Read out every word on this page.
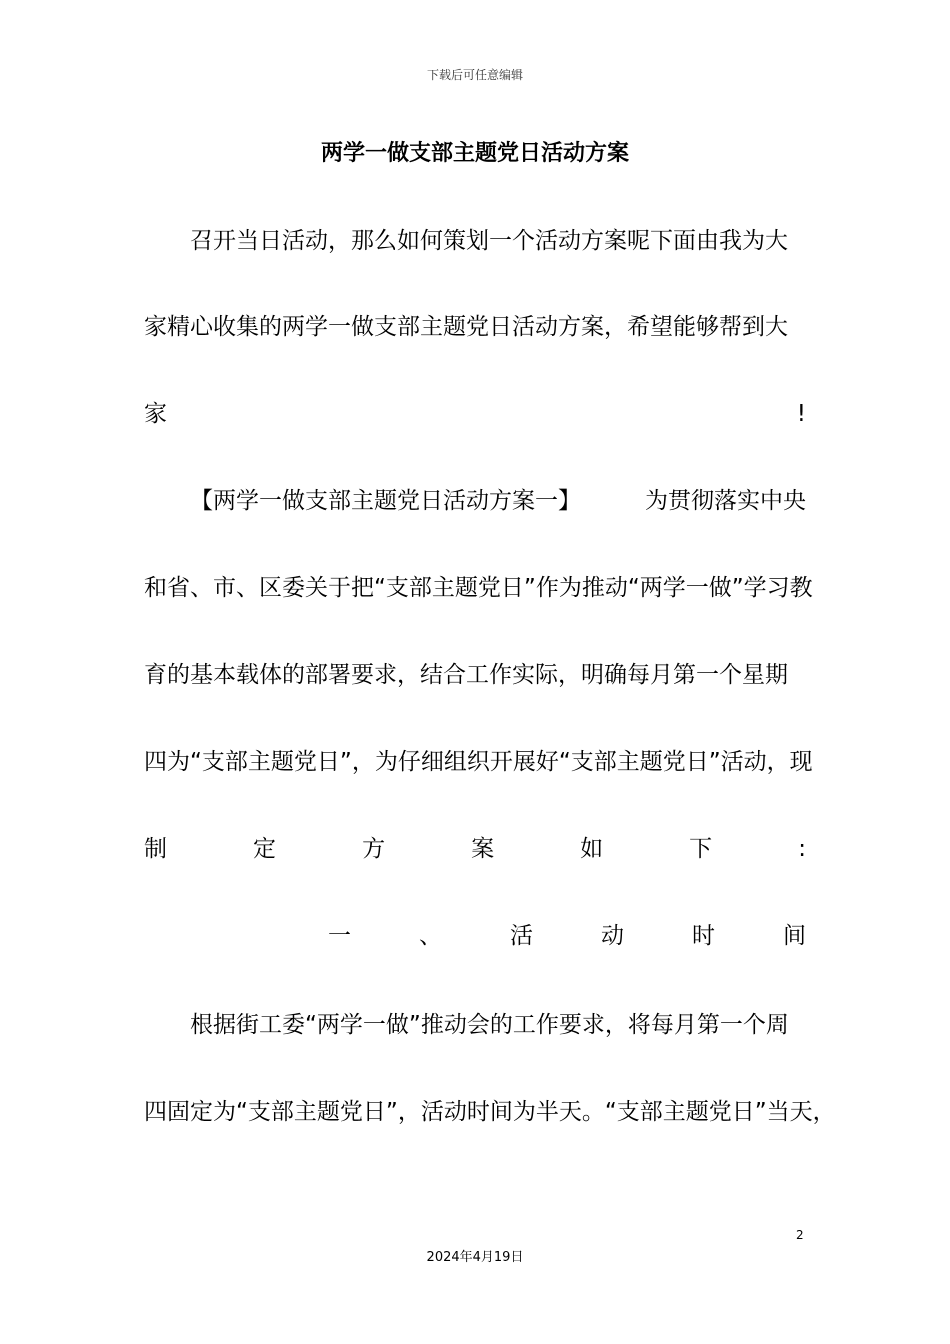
下载后可任意编辑
两学一做支部主题党日活动方案
召开当日活动，那么如何策划一个活动方案呢下面由我为大
家精心收集的两学一做支部主题党日活动方案，希望能够帮到大
家	!
【两学一做支部主题党日活动方案一】	为贯彻落实中央
和省、市、区委关于把“支部主题党日”作为推动“两学一做”学习教
育的基本载体的部署要求，结合工作实际，明确每月第一个星期
四为“支部主题党日”，为仔细组织开展好“支部主题党日”活动，现
制	定	方	案	如	下	:
一	、	活	动	时	间
根据街工委“两学一做”推动会的工作要求，将每月第一个周
四固定为“支部主题党日”，活动时间为半天。“支部主题党日”当天，
2
2024年4月19日
